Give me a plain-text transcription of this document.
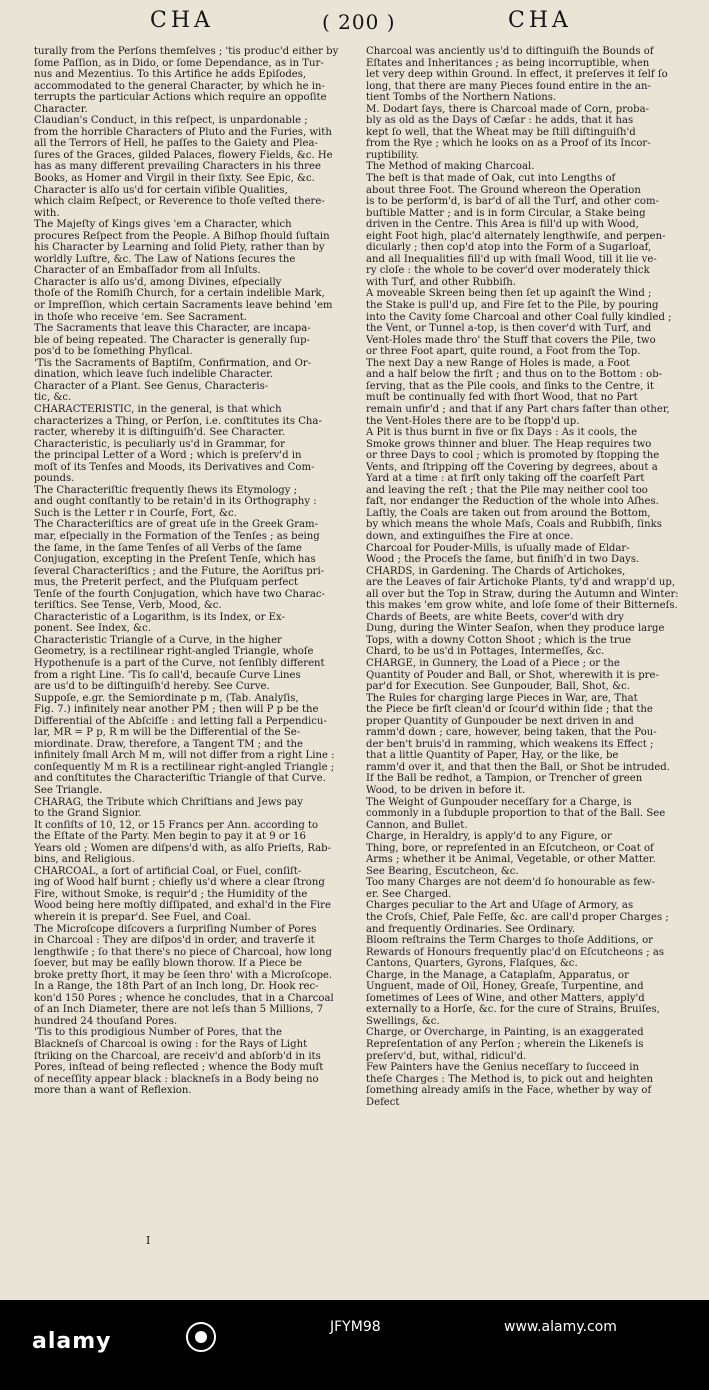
CHA	( 200 )	CHA
turally from the Perſons themſelves ; 'tis produc'd either by
ſome Paſſion, as in Dido, or ſome Dependance, as in Tur-
nus and Mezentius. To this Artifice he adds Epiſodes,
accommodated to the general Character, by which he in-
terrupts the particular Actions which require an oppoſite
Character.
Claudian's Conduct, in this reſpect, is unpardonable ;
from the horrible Characters of Pluto and the Furies, with
all the Terrors of Hell, he paſſes to the Gaiety and Plea-
ſures of the Graces, gilded Palaces, flowery Fields, &c. He
has as many different prevailing Characters in his three
Books, as Homer and Virgil in their ſixty. See Epic, &c.
Character is alſo us'd for certain viſible Qualities,
which claim Reſpect, or Reverence to thoſe veſted there-
with.
The Majeſty of Kings gives 'em a Character, which
procures Reſpect from the People. A Biſhop ſhould ſuſtain
his Character by Learning and ſolid Piety, rather than by
worldly Luſtre, &c. The Law of Nations ſecures the
Character of an Embaſſador from all Inſults.
Character is alſo us'd, among Divines, eſpecially
thoſe of the Romiſh Church, for a certain indelible Mark,
or Impreſſion, which certain Sacraments leave behind 'em
in thoſe who receive 'em. See Sacrament.
The Sacraments that leave this Character, are incapa-
ble of being repeated. The Character is generally ſup-
pos'd to be ſomething Phyſical.
'Tis the Sacraments of Baptiſm, Confirmation, and Or-
dination, which leave ſuch indelible Character.
Character of a Plant. See Genus, Characteris-
tic, &c.
CHARACTERISTIC, in the general, is that which
characterizes a Thing, or Perſon, i.e. conſtitutes its Cha-
racter, whereby it is diſtinguiſh'd. See Character.
Characteristic, is peculiarly us'd in Grammar, for
the principal Letter of a Word ; which is preſerv'd in
moſt of its Tenſes and Moods, its Derivatives and Com-
pounds.
The Characteriſtic frequently ſhews its Etymology ;
and ought conſtantly to be retain'd in its Orthography :
Such is the Letter r in Courſe, Fort, &c.
The Characteriſtics are of great uſe in the Greek Gram-
mar, eſpecially in the Formation of the Tenſes ; as being
the ſame, in the ſame Tenſes of all Verbs of the ſame
Conjugation, excepting in the Preſent Tenſe, which has
ſeveral Characteriſtics ; and the Future, the Aoriſtus pri-
mus, the Preterit perfect, and the Pluſquam perfect
Tenſe of the fourth Conjugation, which have two Charac-
teriſtics. See Tense, Verb, Mood, &c.
Characteristic of a Logarithm, is its Index, or Ex-
ponent. See Index, &c.
Characteristic Triangle of a Curve, in the higher
Geometry, is a rectilinear right-angled Triangle, whoſe
Hypothenuſe is a part of the Curve, not ſenſibly different
from a right Line. 'Tis ſo call'd, becauſe Curve Lines
are us'd to be diſtinguiſh'd hereby. See Curve.
Suppoſe, e.gr. the Semiordinate p m, (Tab. Analyſis,
Fig. 7.) infinitely near another PM ; then will P p be the
Differential of the Abſciſſe : and letting fall a Perpendicu-
lar, MR = P p, R m will be the Differential of the Se-
miordinate. Draw, therefore, a Tangent TM ; and the
infinitely ſmall Arch M m, will not differ from a right Line :
conſequently M m R is a rectilinear right-angled Triangle ;
and conſtitutes the Characteriſtic Triangle of that Curve.
See Triangle.
CHARAG, the Tribute which Chriſtians and Jews pay
to the Grand Signior.
It conſiſts of 10, 12, or 15 Francs per Ann. according to
the Eſtate of the Party. Men begin to pay it at 9 or 16
Years old ; Women are diſpens'd with, as alſo Prieſts, Rab-
bins, and Religious.
CHARCOAL, a ſort of artificial Coal, or Fuel, conſiſt-
ing of Wood half burnt ; chiefly us'd where a clear ſtrong
Fire, without Smoke, is requir'd ; the Humidity of the
Wood being here moſtly diſſipated, and exhal'd in the Fire
wherein it is prepar'd. See Fuel, and Coal.
The Microſcope diſcovers a ſurpriſing Number of Pores
in Charcoal : They are diſpos'd in order, and traverſe it
lengthwiſe ; ſo that there's no piece of Charcoal, how long
ſoever, but may be eaſily blown thorow. If a Piece be
broke pretty ſhort, it may be ſeen thro' with a Microſcope.
In a Range, the 18th Part of an Inch long, Dr. Hook rec-
kon'd 150 Pores ; whence he concludes, that in a Charcoal
of an Inch Diameter, there are not leſs than 5 Millions, 7
hundred 24 thouſand Pores.
'Tis to this prodigious Number of Pores, that the
Blackneſs of Charcoal is owing : for the Rays of Light
ſtriking on the Charcoal, are receiv'd and abſorb'd in its
Pores, inſtead of being reflected ; whence the Body muſt
of neceſſity appear black : blackneſs in a Body being no
more than a want of Reflexion.
Charcoal was anciently us'd to diſtinguiſh the Bounds of
Eſtates and Inheritances ; as being incorruptible, when
let very deep within Ground. In effect, it preſerves it ſelf ſo
long, that there are many Pieces found entire in the an-
tient Tombs of the Northern Nations.
M. Dodart ſays, there is Charcoal made of Corn, proba-
bly as old as the Days of Cæſar : he adds, that it has
kept ſo well, that the Wheat may be ſtill diſtinguiſh'd
from the Rye ; which he looks on as a Proof of its Incor-
ruptibility.
The Method of making Charcoal.
The beſt is that made of Oak, cut into Lengths of
about three Foot. The Ground whereon the Operation
is to be perform'd, is bar'd of all the Turf, and other com-
buſtible Matter ; and is in form Circular, a Stake being
driven in the Centre. This Area is fill'd up with Wood,
eight Foot high, plac'd alternately lengthwiſe, and perpen-
dicularly ; then cop'd atop into the Form of a Sugarloaf,
and all Inequalities fill'd up with ſmall Wood, till it lie ve-
ry cloſe : the whole to be cover'd over moderately thick
with Turf, and other Rubbiſh.
A moveable Skreen being then ſet up againſt the Wind ;
the Stake is pull'd up, and Fire ſet to the Pile, by pouring
into the Cavity ſome Charcoal and other Coal fully kindled ;
the Vent, or Tunnel a-top, is then cover'd with Turf, and
Vent-Holes made thro' the Stuff that covers the Pile, two
or three Foot apart, quite round, a Foot from the Top.
The next Day a new Range of Holes is made, a Foot
and a half below the firſt ; and thus on to the Bottom : ob-
ſerving, that as the Pile cools, and ſinks to the Centre, it
muſt be continually fed with ſhort Wood, that no Part
remain unfir'd ; and that if any Part chars faſter than other,
the Vent-Holes there are to be ſtopp'd up.
A Pit is thus burnt in five or ſix Days : As it cools, the
Smoke grows thinner and bluer. The Heap requires two
or three Days to cool ; which is promoted by ſtopping the
Vents, and ſtripping off the Covering by degrees, about a
Yard at a time : at firſt only taking off the coarſeſt Part
and leaving the reſt ; that the Pile may neither cool too
faſt, nor endanger the Reduction of the whole into Aſhes.
Laſtly, the Coals are taken out from around the Bottom,
by which means the whole Maſs, Coals and Rubbiſh, ſinks
down, and extinguiſhes the Fire at once.
Charcoal for Pouder-Mills, is uſually made of Eldar-
Wood ; the Proceſs the ſame, but finiſh'd in two Days.
CHARDS, in Gardening. The Chards of Artichokes,
are the Leaves of fair Artichoke Plants, ty'd and wrapp'd up,
all over but the Top in Straw, during the Autumn and Winter:
this makes 'em grow white, and loſe ſome of their Bitterneſs.
Chards of Beets, are white Beets, cover'd with dry
Dung, during the Winter Seaſon, when they produce large
Tops, with a downy Cotton Shoot ; which is the true
Chard, to be us'd in Pottages, Intermeſſes, &c.
CHARGE, in Gunnery, the Load of a Piece ; or the
Quantity of Pouder and Ball, or Shot, wherewith it is pre-
par'd for Execution. See Gunpouder, Ball, Shot, &c.
The Rules for charging large Pieces in War, are, That
the Piece be firſt clean'd or ſcour'd within ſide ; that the
proper Quantity of Gunpouder be next driven in and
ramm'd down ; care, however, being taken, that the Pou-
der ben't bruis'd in ramming, which weakens its Effect ;
that a little Quantity of Paper, Hay, or the like, be
ramm'd over it, and that then the Ball, or Shot be intruded.
If the Ball be redhot, a Tampion, or Trencher of green
Wood, to be driven in before it.
The Weight of Gunpouder neceſſary for a Charge, is
commonly in a ſubduple proportion to that of the Ball. See
Cannon, and Bullet.
Charge, in Heraldry, is apply'd to any Figure, or
Thing, bore, or repreſented in an Eſcutcheon, or Coat of
Arms ; whether it be Animal, Vegetable, or other Matter.
See Bearing, Escutcheon, &c.
Too many Charges are not deem'd ſo honourable as few-
er. See Charged.
Charges peculiar to the Art and Uſage of Armory, as
the Croſs, Chief, Pale Feſſe, &c. are call'd proper Charges ;
and frequently Ordinaries. See Ordinary.
Bloom reſtrains the Term Charges to thoſe Additions, or
Rewards of Honours frequently plac'd on Eſcutcheons ; as
Cantons, Quarters, Gyrons, Flaſques, &c.
Charge, in the Manage, a Cataplaſm, Apparatus, or
Unguent, made of Oil, Honey, Greaſe, Turpentine, and
ſometimes of Lees of Wine, and other Matters, apply'd
externally to a Horſe, &c. for the cure of Strains, Bruiſes,
Swellings, &c.
Charge, or Overcharge, in Painting, is an exaggerated
Repreſentation of any Perſon ; wherein the Likeneſs is
preſerv'd, but, withal, ridicul'd.
Few Painters have the Genius neceſſary to ſucceed in
theſe Charges : The Method is, to pick out and heighten
ſomething already amiſs in the Face, whether by way of
Defect
I
alamy
JFYM98	www.alamy.com
